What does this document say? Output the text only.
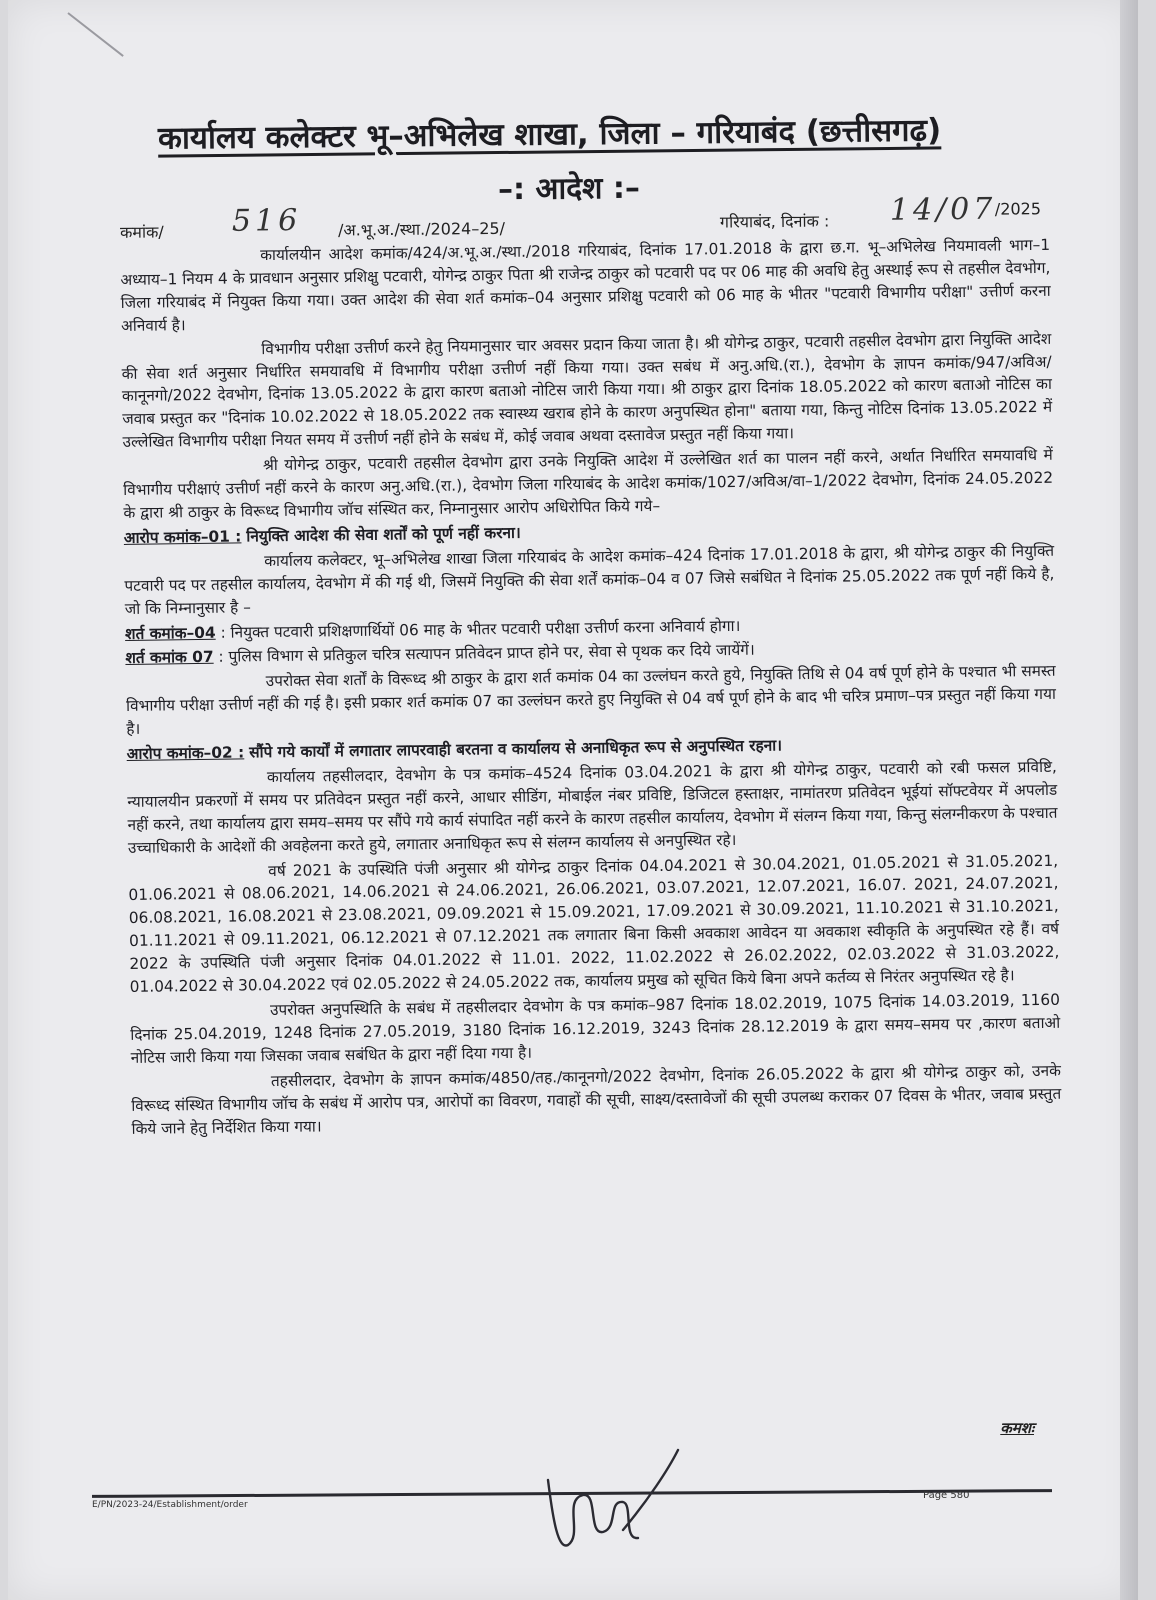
कार्यालय कलेक्टर भू–अभिलेख शाखा, जिला – गरियाबंद (छत्तीसगढ़)
–: आदेश :–
कमांक/ 516 /अ.भू.अ./स्था./2024–25/	गरियाबंद, दिनांक : 14/07
/2025

कार्यालयीन आदेश कमांक/424/अ.भू.अ./स्था./2018 गरियाबंद, दिनांक 17.01.2018 के द्वारा छ.ग. भू–अभिलेख नियमावली भाग–1 अध्याय–1 नियम 4 के प्रावधान अनुसार प्रशिक्षु पटवारी, योगेन्द्र ठाकुर पिता श्री राजेन्द्र ठाकुर को पटवारी पद पर 06 माह की अवधि हेतु अस्थाई रूप से तहसील देवभोग, जिला गरियाबंद में नियुक्त किया गया। उक्त आदेश की सेवा शर्त कमांक–04 अनुसार प्रशिक्षु पटवारी को 06 माह के भीतर "पटवारी विभागीय परीक्षा" उत्तीर्ण करना अनिवार्य है।

विभागीय परीक्षा उत्तीर्ण करने हेतु नियमानुसार चार अवसर प्रदान किया जाता है। श्री योगेन्द्र ठाकुर, पटवारी तहसील देवभोग द्वारा नियुक्ति आदेश की सेवा शर्त अनुसार निर्धारित समयावधि में विभागीय परीक्षा उत्तीर्ण नहीं किया गया। उक्त सबंध में अनु.अधि.(रा.), देवभोग के ज्ञापन कमांक/947/अविअ/कानूनगो/2022 देवभोग, दिनांक 13.05.2022 के द्वारा कारण बताओ नोटिस जारी किया गया। श्री ठाकुर द्वारा दिनांक 18.05.2022 को कारण बताओ नोटिस का जवाब प्रस्तुत कर "दिनांक 10.02.2022 से 18.05.2022 तक स्वास्थ्य खराब होने के कारण अनुपस्थित होना" बताया गया, किन्तु नोटिस दिनांक 13.05.2022 में उल्लेखित विभागीय परीक्षा नियत समय में उत्तीर्ण नहीं होने के सबंध में, कोई जवाब अथवा दस्तावेज प्रस्तुत नहीं किया गया।

श्री योगेन्द्र ठाकुर, पटवारी तहसील देवभोग द्वारा उनके नियुक्ति आदेश में उल्लेखित शर्त का पालन नहीं करने, अर्थात निर्धारित समयावधि में विभागीय परीक्षाएं उत्तीर्ण नहीं करने के कारण अनु.अधि.(रा.), देवभोग जिला गरियाबंद के आदेश कमांक/1027/अविअ/वा–1/2022 देवभोग, दिनांक 24.05.2022 के द्वारा श्री ठाकुर के विरूध्द विभागीय जॉच संस्थित कर, निम्नानुसार आरोप अधिरोपित किये गये–

आरोप कमांक–01 : नियुक्ति आदेश की सेवा शर्तों को पूर्ण नहीं करना।

कार्यालय कलेक्टर, भू–अभिलेख शाखा जिला गरियाबंद के आदेश कमांक–424 दिनांक 17.01.2018 के द्वारा, श्री योगेन्द्र ठाकुर की नियुक्ति पटवारी पद पर तहसील कार्यालय, देवभोग में की गई थी, जिसमें नियुक्ति की सेवा शर्तें कमांक–04 व 07 जिसे सबंधित ने दिनांक 25.05.2022 तक पूर्ण नहीं किये है, जो कि निम्नानुसार है –

शर्त कमांक–04 : नियुक्त पटवारी प्रशिक्षणार्थियों 06 माह के भीतर पटवारी परीक्षा उत्तीर्ण करना अनिवार्य होगा।

शर्त कमांक 07 : पुलिस विभाग से प्रतिकुल चरित्र सत्यापन प्रतिवेदन प्राप्त होने पर, सेवा से पृथक कर दिये जायेंगें।

उपरोक्त सेवा शर्तों के विरूध्द श्री ठाकुर के द्वारा शर्त कमांक 04 का उल्लंघन करते हुये, नियुक्ति तिथि से 04 वर्ष पूर्ण होने के पश्चात भी समस्त विभागीय परीक्षा उत्तीर्ण नहीं की गई है। इसी प्रकार शर्त कमांक 07 का उल्लंघन करते हुए नियुक्ति से 04 वर्ष पूर्ण होने के बाद भी चरित्र प्रमाण–पत्र प्रस्तुत नहीं किया गया है।

आरोप कमांक–02 : सौंपे गये कार्यों में लगातार लापरवाही बरतना व कार्यालय से अनाधिकृत रूप से अनुपस्थित रहना।

कार्यालय तहसीलदार, देवभोग के पत्र कमांक–4524 दिनांक 03.04.2021 के द्वारा श्री योगेन्द्र ठाकुर, पटवारी को रबी फसल प्रविष्टि, न्यायालयीन प्रकरणों में समय पर प्रतिवेदन प्रस्तुत नहीं करने, आधार सीडिंग, मोबाईल नंबर प्रविष्टि, डिजिटल हस्ताक्षर, नामांतरण प्रतिवेदन भूईयां सॉफ्टवेयर में अपलोड नहीं करने, तथा कार्यालय द्वारा समय–समय पर सौंपे गये कार्य संपादित नहीं करने के कारण तहसील कार्यालय, देवभोग में संलग्न किया गया, किन्तु संलग्नीकरण के पश्चात उच्चाधिकारी के आदेशों की अवहेलना करते हुये, लगातार अनाधिकृत रूप से संलग्न कार्यालय से अनपुस्थित रहे।

वर्ष 2021 के उपस्थिति पंजी अनुसार श्री योगेन्द्र ठाकुर दिनांक 04.04.2021 से 30.04.2021, 01.05.2021 से 31.05.2021, 01.06.2021 से 08.06.2021, 14.06.2021 से 24.06.2021, 26.06.2021, 03.07.2021, 12.07.2021, 16.07. 2021, 24.07.2021, 06.08.2021, 16.08.2021 से 23.08.2021, 09.09.2021 से 15.09.2021, 17.09.2021 से 30.09.2021, 11.10.2021 से 31.10.2021, 01.11.2021 से 09.11.2021, 06.12.2021 से 07.12.2021 तक लगातार बिना किसी अवकाश आवेदन या अवकाश स्वीकृति के अनुपस्थित रहे हैं। वर्ष 2022 के उपस्थिति पंजी अनुसार दिनांक 04.01.2022 से 11.01. 2022, 11.02.2022 से 26.02.2022, 02.03.2022 से 31.03.2022, 01.04.2022 से 30.04.2022 एवं 02.05.2022 से 24.05.2022 तक, कार्यालय प्रमुख को सूचित किये बिना अपने कर्तव्य से निरंतर अनुपस्थित रहे है।

उपरोक्त अनुपस्थिति के सबंध में तहसीलदार देवभोग के पत्र कमांक–987 दिनांक 18.02.2019, 1075 दिनांक 14.03.2019, 1160 दिनांक 25.04.2019, 1248 दिनांक 27.05.2019, 3180 दिनांक 16.12.2019, 3243 दिनांक 28.12.2019 के द्वारा समय–समय पर ,कारण बताओ नोटिस जारी किया गया जिसका जवाब सबंधित के द्वारा नहीं दिया गया है।

तहसीलदार, देवभोग के ज्ञापन कमांक/4850/तह./कानूनगो/2022 देवभोग, दिनांक 26.05.2022 के द्वारा श्री योगेन्द्र ठाकुर को, उनके विरूध्द संस्थित विभागीय जॉच के सबंध में आरोप पत्र, आरोपों का विवरण, गवाहों की सूची, साक्ष्य/दस्तावेजों की सूची उपलब्ध कराकर 07 दिवस के भीतर, जवाब प्रस्तुत किये जाने हेतु निर्देशित किया गया।

कमशः
E/PN/2023-24/Establishment/order
Page 580
